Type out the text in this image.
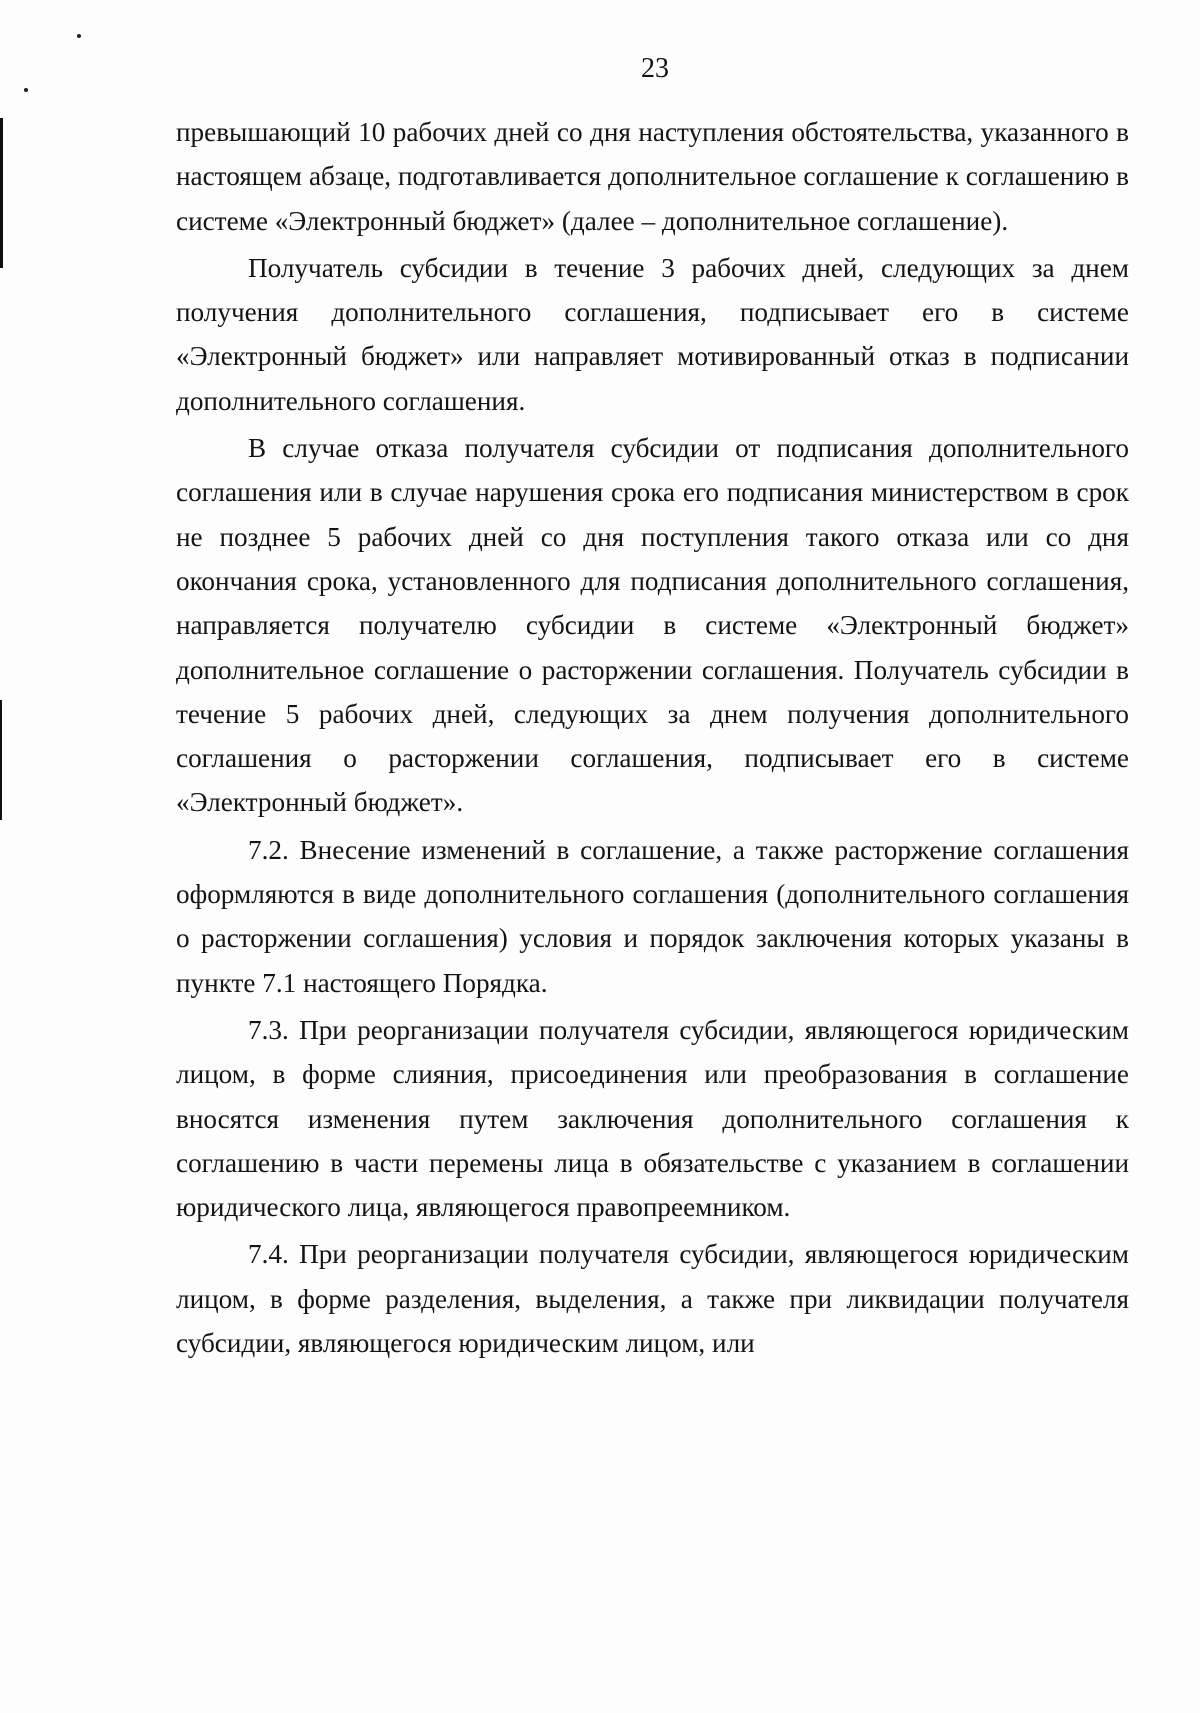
23

превышающий 10 рабочих дней со дня наступления обстоятельства, указанного в настоящем абзаце, подготавливается дополнительное соглашение к соглашению в системе «Электронный бюджет» (далее – дополнительное соглашение).

Получатель субсидии в течение 3 рабочих дней, следующих за днем получения дополнительного соглашения, подписывает его в системе «Электронный бюджет» или направляет мотивированный отказ в подписании дополнительного соглашения.

В случае отказа получателя субсидии от подписания дополнительного соглашения или в случае нарушения срока его подписания министерством в срок не позднее 5 рабочих дней со дня поступления такого отказа или со дня окончания срока, установленного для подписания дополнительного соглашения, направляется получателю субсидии в системе «Электронный бюджет» дополнительное соглашение о расторжении соглашения. Получатель субсидии в течение 5 рабочих дней, следующих за днем получения дополнительного соглашения о расторжении соглашения, подписывает его в системе «Электронный бюджет».

7.2. Внесение изменений в соглашение, а также расторжение соглашения оформляются в виде дополнительного соглашения (дополнительного соглашения о расторжении соглашения) условия и порядок заключения которых указаны в пункте 7.1 настоящего Порядка.

7.3. При реорганизации получателя субсидии, являющегося юридическим лицом, в форме слияния, присоединения или преобразования в соглашение вносятся изменения путем заключения дополнительного соглашения к соглашению в части перемены лица в обязательстве с указанием в соглашении юридического лица, являющегося правопреемником.

7.4. При реорганизации получателя субсидии, являющегося юридическим лицом, в форме разделения, выделения, а также при ликвидации получателя субсидии, являющегося юридическим лицом, или
